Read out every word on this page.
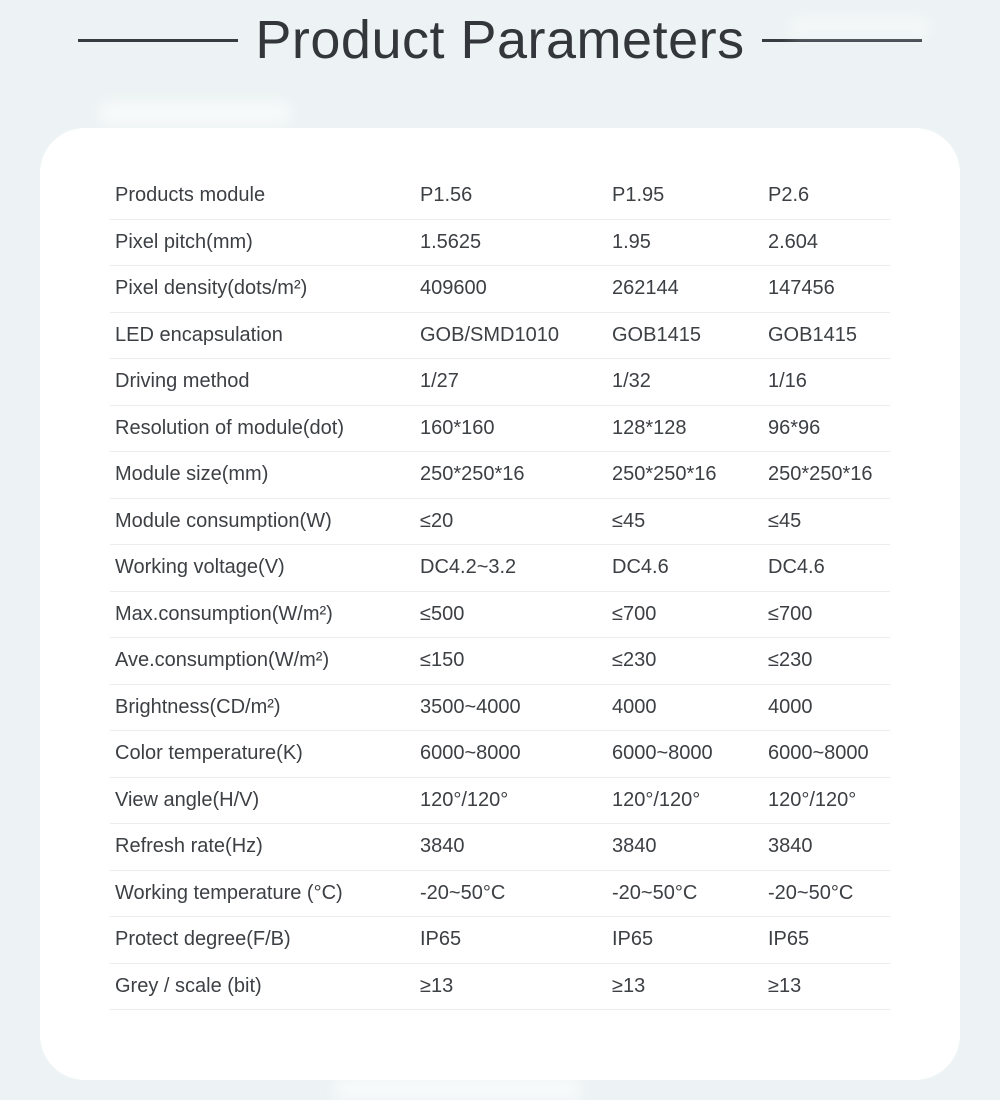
Product Parameters
Products module	P1.56	P1.95	P2.6
Pixel pitch(mm)	1.5625	1.95	2.604
Pixel density(dots/m²)	409600	262144	147456
LED encapsulation	GOB/SMD1010	GOB1415	GOB1415
Driving method	1/27	1/32	1/16
Resolution of module(dot)	160*160	128*128	96*96
Module size(mm)	250*250*16	250*250*16	250*250*16
Module consumption(W)	≤20	≤45	≤45
Working voltage(V)	DC4.2~3.2	DC4.6	DC4.6
Max.consumption(W/m²)	≤500	≤700	≤700
Ave.consumption(W/m²)	≤150	≤230	≤230
Brightness(CD/m²)	3500~4000	4000	4000
Color temperature(K)	6000~8000	6000~8000	6000~8000
View angle(H/V)	120°/120°	120°/120°	120°/120°
Refresh rate(Hz)	3840	3840	3840
Working temperature (°C)	-20~50°C	-20~50°C	-20~50°C
Protect degree(F/B)	IP65	IP65	IP65
Grey / scale (bit)	≥13	≥13	≥13
